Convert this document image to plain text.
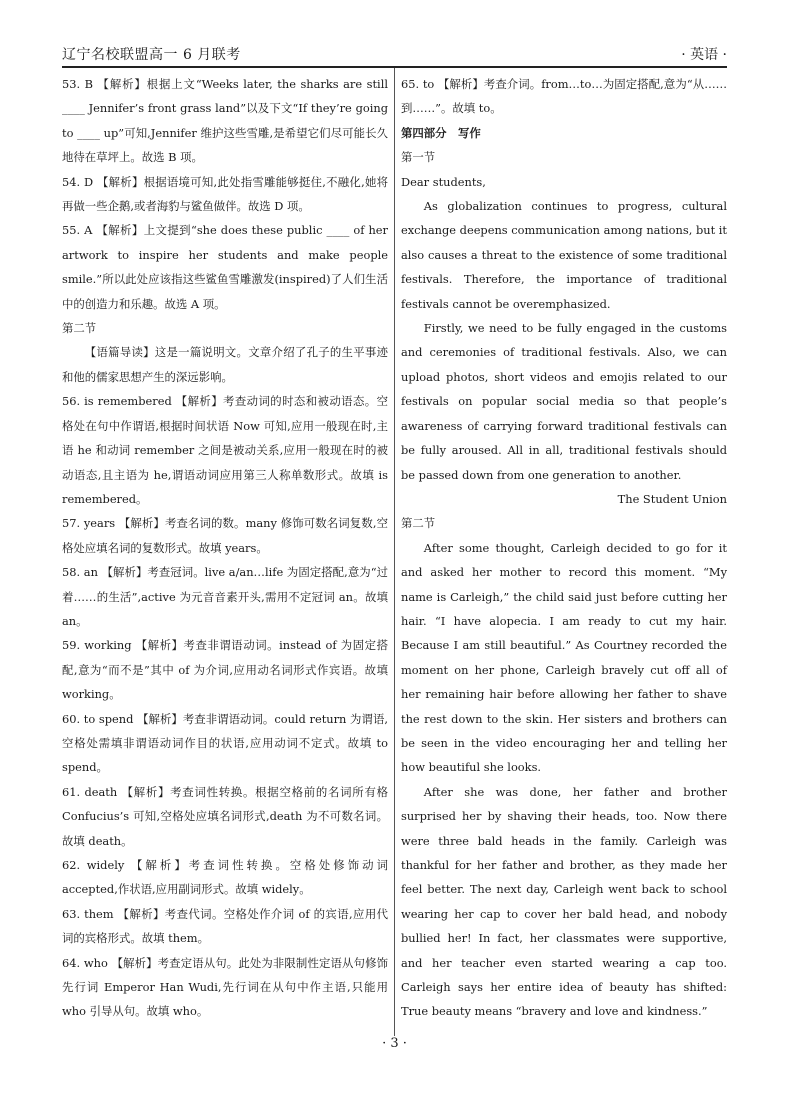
辽宁名校联盟高一 6 月联考	· 英语 ·

53. B 【解析】根据上文“Weeks later, the sharks are still ____ Jennifer’s front grass land”以及下文“If they’re going to ____ up”可知,Jennifer 维护这些雪雕,是希望它们尽可能长久地待在草坪上。故选 B 项。

54. D 【解析】根据语境可知,此处指雪雕能够挺住,不融化,她将再做一些企鹅,或者海豹与鲨鱼做伴。故选 D 项。

55. A 【解析】上文提到“she does these public ____ of her artwork to inspire her students and make people smile.”所以此处应该指这些鲨鱼雪雕激发(inspired)了人们生活中的创造力和乐趣。故选 A 项。

第二节

【语篇导读】这是一篇说明文。文章介绍了孔子的生平事迹和他的儒家思想产生的深远影响。

56. is remembered 【解析】考查动词的时态和被动语态。空格处在句中作谓语,根据时间状语 Now 可知,应用一般现在时,主语 he 和动词 remember 之间是被动关系,应用一般现在时的被动语态,且主语为 he,谓语动词应用第三人称单数形式。故填 is remembered。

57. years 【解析】考查名词的数。many 修饰可数名词复数,空格处应填名词的复数形式。故填 years。

58. an 【解析】考查冠词。live a/an…life 为固定搭配,意为“过着……的生活”,active 为元音音素开头,需用不定冠词 an。故填 an。

59. working 【解析】考查非谓语动词。instead of 为固定搭配,意为“而不是”其中 of 为介词,应用动名词形式作宾语。故填 working。

60. to spend 【解析】考查非谓语动词。could return 为谓语,空格处需填非谓语动词作目的状语,应用动词不定式。故填 to spend。

61. death 【解析】考查词性转换。根据空格前的名词所有格 Confucius’s 可知,空格处应填名词形式,death 为不可数名词。故填 death。

62. widely 【解析】考查词性转换。空格处修饰动词 accepted,作状语,应用副词形式。故填 widely。

63. them 【解析】考查代词。空格处作介词 of 的宾语,应用代词的宾格形式。故填 them。

64. who 【解析】考查定语从句。此处为非限制性定语从句修饰先行词 Emperor Han Wudi,先行词在从句中作主语,只能用 who 引导从句。故填 who。

65. to 【解析】考查介词。from…to…为固定搭配,意为“从……到……”。故填 to。

第四部分　写作

第一节

Dear students,

As globalization continues to progress, cultural exchange deepens communication among nations, but it also causes a threat to the existence of some traditional festivals. Therefore, the importance of traditional festivals cannot be overemphasized.

Firstly, we need to be fully engaged in the customs and ceremonies of traditional festivals. Also, we can upload photos, short videos and emojis related to our festivals on popular social media so that people’s awareness of carrying forward traditional festivals can be fully aroused. All in all, traditional festivals should be passed down from one generation to another.

The Student Union

第二节

After some thought, Carleigh decided to go for it and asked her mother to record this moment. “My name is Carleigh,” the child said just before cutting her hair. “I have alopecia. I am ready to cut my hair. Because I am still beautiful.” As Courtney recorded the moment on her phone, Carleigh bravely cut off all of her remaining hair before allowing her father to shave the rest down to the skin. Her sisters and brothers can be seen in the video encouraging her and telling her how beautiful she looks.

After she was done, her father and brother surprised her by shaving their heads, too. Now there were three bald heads in the family. Carleigh was thankful for her father and brother, as they made her feel better. The next day, Carleigh went back to school wearing her cap to cover her bald head, and nobody bullied her! In fact, her classmates were supportive, and her teacher even started wearing a cap too. Carleigh says her entire idea of beauty has shifted: True beauty means “bravery and love and kindness.”

· 3 ·
